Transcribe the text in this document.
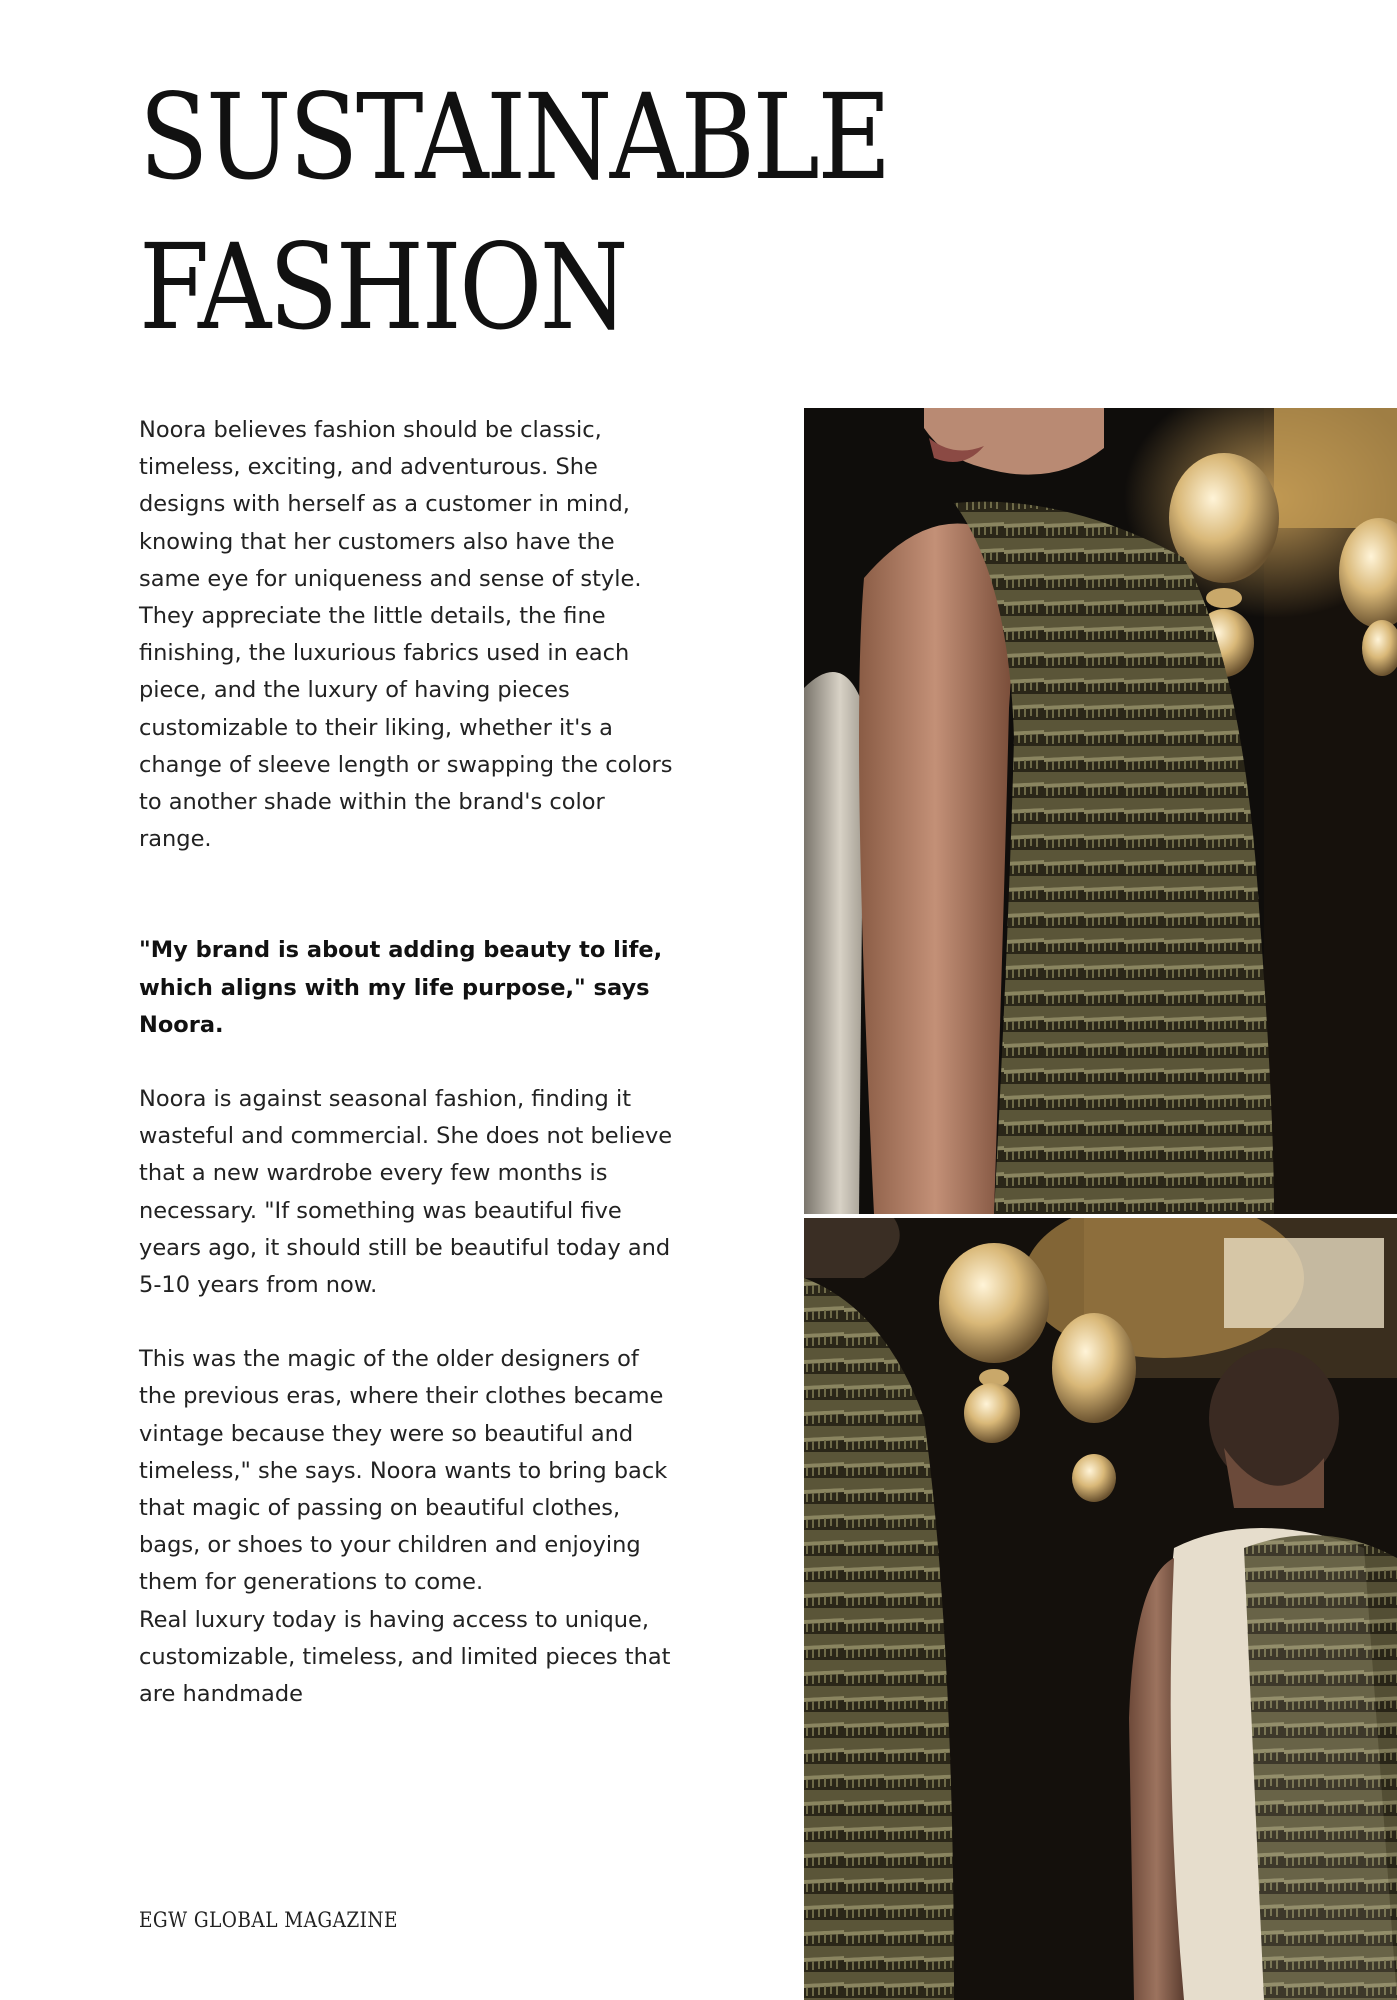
SUSTAINABLE
FASHION

Noora believes fashion should be classic, timeless, exciting, and adventurous. She designs with herself as a customer in mind, knowing that her customers also have the same eye for uniqueness and sense of style. They appreciate the little details, the fine finishing, the luxurious fabrics used in each piece, and the luxury of having pieces customizable to their liking, whether it's a change of sleeve length or swapping the colors to another shade within the brand's color range.

"My brand is about adding beauty to life, which aligns with my life purpose," says Noora.

Noora is against seasonal fashion, finding it wasteful and commercial. She does not believe that a new wardrobe every few months is necessary. "If something was beautiful five years ago, it should still be beautiful today and 5-10 years from now.

This was the magic of the older designers of the previous eras, where their clothes became vintage because they were so beautiful and timeless," she says. Noora wants to bring back that magic of passing on beautiful clothes, bags, or shoes to your children and enjoying them for generations to come.

Real luxury today is having access to unique, customizable, timeless, and limited pieces that are handmade

EGW GLOBAL MAGAZINE
